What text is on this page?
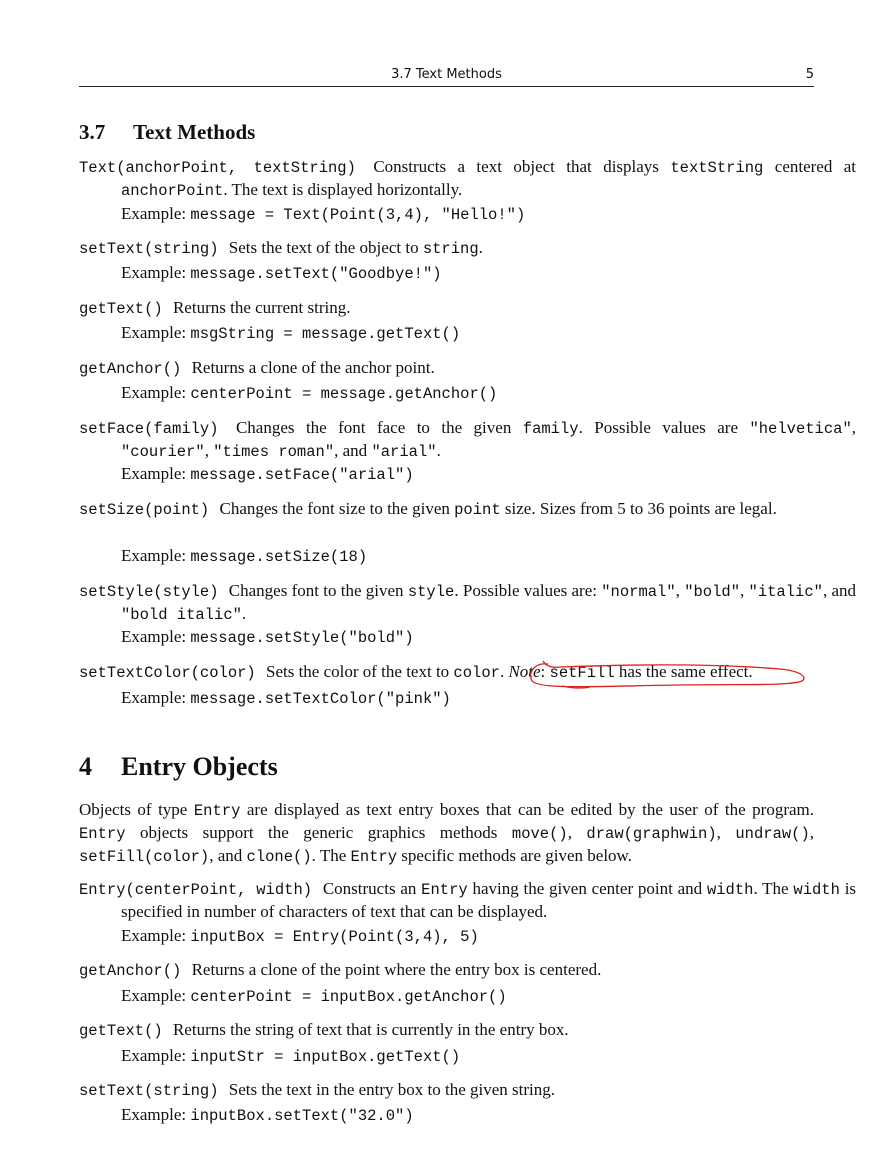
3.7 Text Methods	5
3.7 Text Methods
Text(anchorPoint, textString) Constructs a text object that displays textString centered at anchorPoint. The text is displayed horizontally.
Example: message = Text(Point(3,4), "Hello!")
setText(string) Sets the text of the object to string.
Example: message.setText("Goodbye!")
getText() Returns the current string.
Example: msgString = message.getText()
getAnchor() Returns a clone of the anchor point.
Example: centerPoint = message.getAnchor()
setFace(family) Changes the font face to the given family. Possible values are "helvetica", "courier", "times roman", and "arial".
Example: message.setFace("arial")
setSize(point) Changes the font size to the given point size. Sizes from 5 to 36 points are legal.
Example: message.setSize(18)
setStyle(style) Changes font to the given style. Possible values are: "normal", "bold", "italic", and "bold italic".
Example: message.setStyle("bold")
setTextColor(color) Sets the color of the text to color. Note: setFill has the same effect.
Example: message.setTextColor("pink")
4 Entry Objects
Objects of type Entry are displayed as text entry boxes that can be edited by the user of the program. Entry objects support the generic graphics methods move(), draw(graphwin), undraw(), setFill(color), and clone(). The Entry specific methods are given below.
Entry(centerPoint, width) Constructs an Entry having the given center point and width. The width is specified in number of characters of text that can be displayed.
Example: inputBox = Entry(Point(3,4), 5)
getAnchor() Returns a clone of the point where the entry box is centered.
Example: centerPoint = inputBox.getAnchor()
getText() Returns the string of text that is currently in the entry box.
Example: inputStr = inputBox.getText()
setText(string) Sets the text in the entry box to the given string.
Example: inputBox.setText("32.0")
